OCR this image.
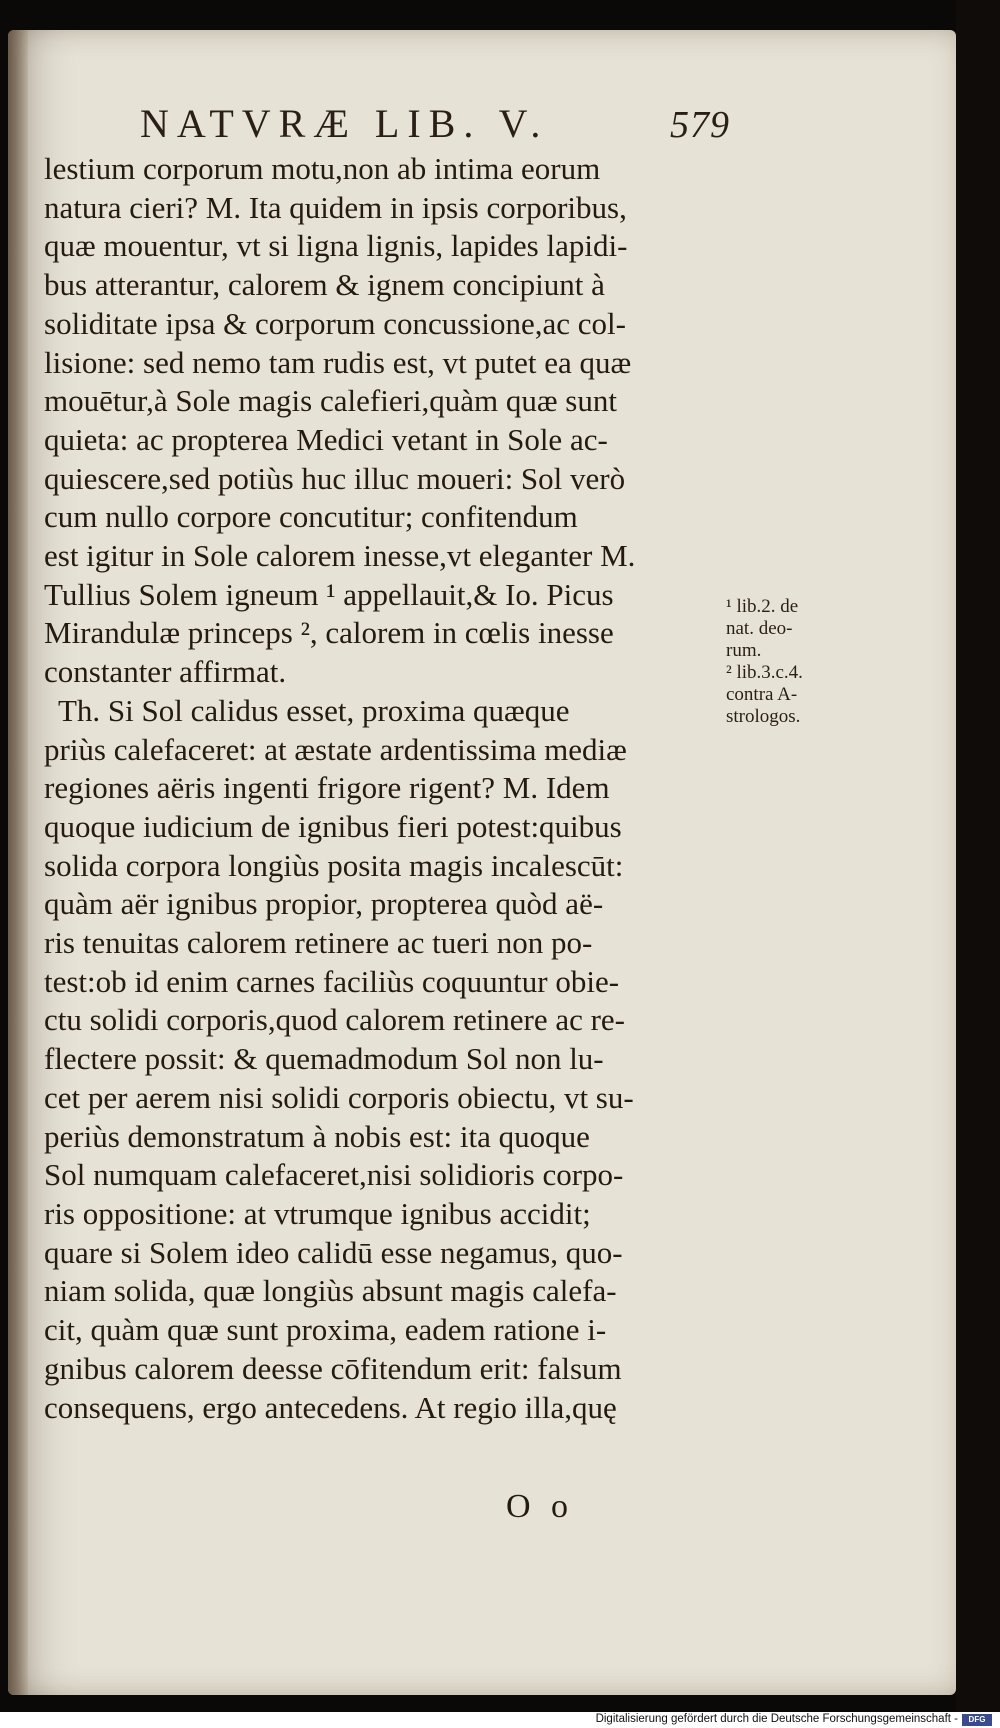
NATVRÆ LIB. V.	579
lestium corporum motu,non ab intima eorum
natura cieri? M. Ita quidem in ipsis corporibus,
quæ mouentur, vt si ligna lignis, lapides lapidi-
bus atterantur, calorem & ignem concipiunt à
soliditate ipsa & corporum concussione,ac col-
lisione: sed nemo tam rudis est, vt putet ea quæ
mouētur,à Sole magis calefieri,quàm quæ sunt
quieta: ac propterea Medici vetant in Sole ac-
quiescere,sed potiùs huc illuc moueri: Sol verò
cum nullo corpore concutitur; confitendum
est igitur in Sole calorem inesse,vt eleganter M.
Tullius Solem igneum ¹ appellauit,& Io. Picus
Mirandulæ princeps ², calorem in cœlis inesse
constanter affirmat.
Th. Si Sol calidus esset, proxima quæque
priùs calefaceret: at æstate ardentissima mediæ
regiones aëris ingenti frigore rigent? M. Idem
quoque iudicium de ignibus fieri potest:quibus
solida corpora longiùs posita magis incalescūt:
quàm aër ignibus propior, propterea quòd aë-
ris tenuitas calorem retinere ac tueri non po-
test:ob id enim carnes faciliùs coquuntur obie-
ctu solidi corporis,quod calorem retinere ac re-
flectere possit: & quemadmodum Sol non lu-
cet per aerem nisi solidi corporis obiectu, vt su-
periùs demonstratum à nobis est: ita quoque
Sol numquam calefaceret,nisi solidioris corpo-
ris oppositione: at vtrumque ignibus accidit;
quare si Solem ideo calidū esse negamus, quo-
niam solida, quæ longiùs absunt magis calefa-
cit, quàm quæ sunt proxima, eadem ratione i-
gnibus calorem deesse cōfitendum erit: falsum
consequens, ergo antecedens. At regio illa,quę
¹ lib.2. de
nat. deo-
rum.
² lib.3.c.4.
contra A-
strologos.
O o
Digitalisierung gefördert durch die Deutsche Forschungsgemeinschaft -	DFG
